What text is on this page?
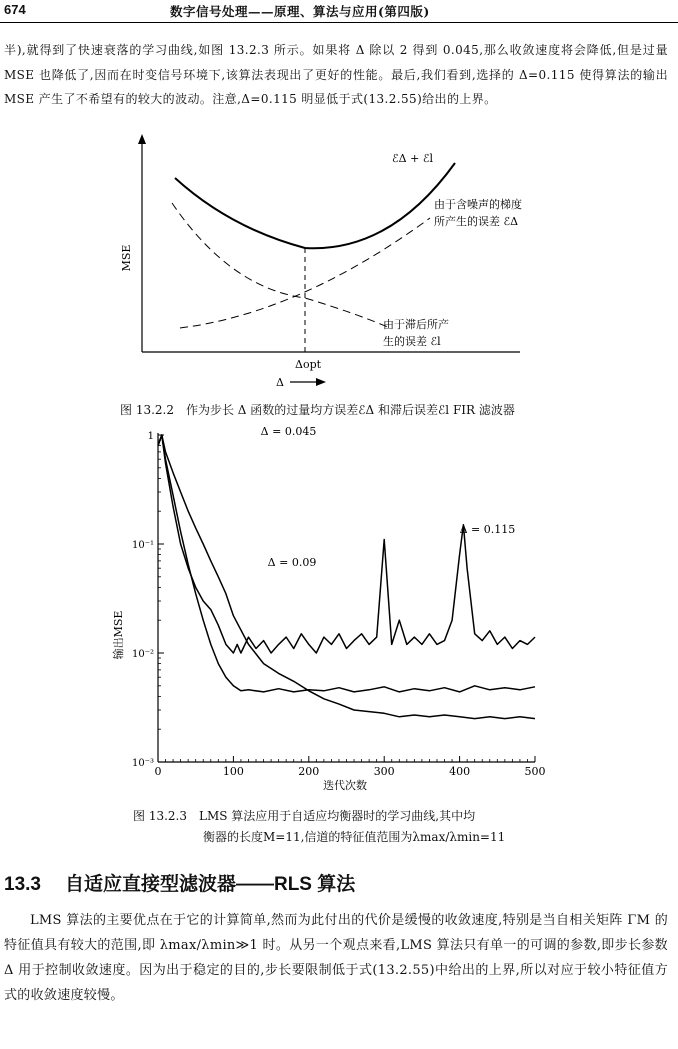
674	数字信号处理——原理、算法与应用(第四版)
半),就得到了快速衰落的学习曲线,如图 13.2.3 所示。如果将 Δ 除以 2 得到 0.045,那么收敛速度将会降低,但是过量 MSE 也降低了,因而在时变信号环境下,该算法表现出了更好的性能。最后,我们看到,选择的 Δ=0.115 使得算法的输出 MSE 产生了不希望有的较大的波动。注意,Δ=0.115 明显低于式(13.2.55)给出的上界。
MSE
ℰΔ + ℰl
由于含噪声的梯度
所产生的误差 ℰΔ
由于滞后所产
生的误差 ℰl
Δopt
Δ
图 13.2.2　作为步长 Δ 函数的过量均方误差ℰΔ 和滞后误差ℰl FIR 滤波器
0	100	200	300	400	500
1
10⁻¹
10⁻²
10⁻³
Δ = 0.045
Δ = 0.09
Δ = 0.115
迭代次数
输出MSE
图 13.2.3　LMS 算法应用于自适应均衡器时的学习曲线,其中均
衡器的长度M=11,信道的特征值范围为λmax/λmin=11
13.3 自适应直接型滤波器——RLS 算法

LMS 算法的主要优点在于它的计算简单,然而为此付出的代价是缓慢的收敛速度,特别是当自相关矩阵 ΓM 的特征值具有较大的范围,即 λmax/λmin≫1 时。从另一个观点来看,LMS 算法只有单一的可调的参数,即步长参数 Δ 用于控制收敛速度。因为出于稳定的目的,步长要限制低于式(13.2.55)中给出的上界,所以对应于较小特征值方式的收敛速度较慢。
